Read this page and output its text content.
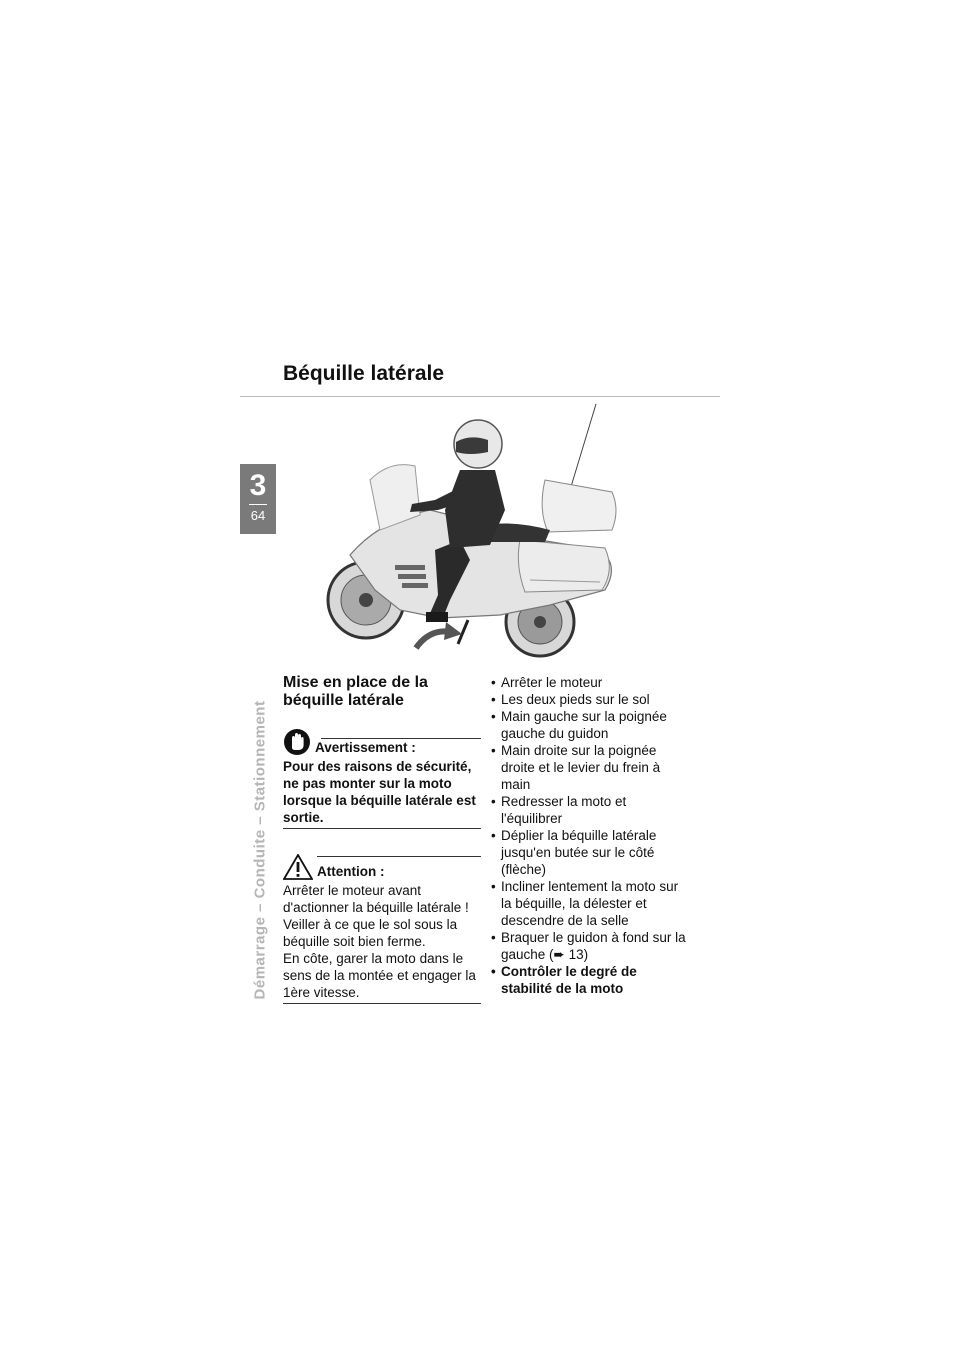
Béquille latérale
3
64
Démarrage – Conduite – Stationnement
Mise en place de la béquille latérale
Avertissement :
Pour des raisons de sécurité, ne pas monter sur la moto lorsque la béquille latérale est sortie.
Attention :

Arrêter le moteur avant d'actionner la béquille latérale !

Veiller à ce que le sol sous la béquille soit bien ferme.

En côte, garer la moto dans le sens de la montée et engager la 1ère vitesse.

• Arrêter le moteur
• Les deux pieds sur le sol
• Main gauche sur la poignée gauche du guidon
• Main droite sur la poignée droite et le levier du frein à main
• Redresser la moto et l'équilibrer
• Déplier la béquille latérale jusqu'en butée sur le côté (flèche)
• Incliner lentement la moto sur la béquille, la délester et descendre de la selle
• Braquer le guidon à fond sur la gauche (➨ 13)
• Contrôler le degré de stabilité de la moto
